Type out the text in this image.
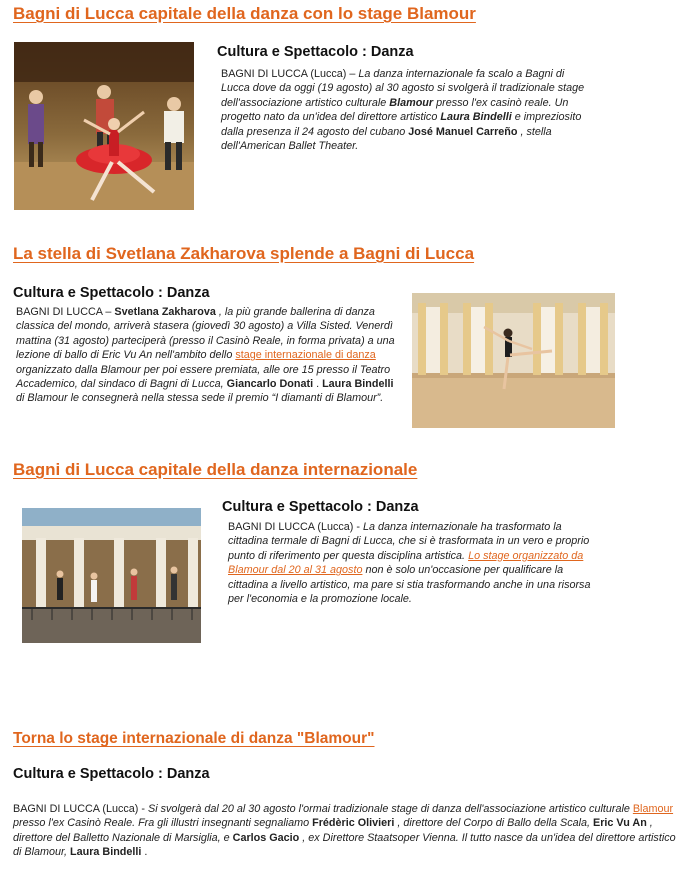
Bagni di Lucca capitale della danza con lo stage Blamour
Cultura e Spettacolo : Danza

BAGNI DI LUCCA (Lucca) – La danza internazionale fa scalo a Bagni di Lucca dove da oggi (19 agosto) al 30 agosto si svolgerà il tradizionale stage dell'associazione artistico culturale Blamour presso l'ex casinò reale. Un progetto nato da un'idea del direttore artistico Laura Bindelli e impreziosito dalla presenza il 24 agosto del cubano José Manuel Carreño , stella dell'American Ballet Theater.

La stella di Svetlana Zakharova splende a Bagni di Lucca
Cultura e Spettacolo : Danza

BAGNI DI LUCCA – Svetlana Zakharova , la più grande ballerina di danza classica del mondo, arriverà stasera (giovedì 30 agosto) a Villa Sisted. Venerdì mattina (31 agosto) parteciperà (presso il Casinò Reale, in forma privata) a una lezione di ballo di Eric Vu An nell'ambito dello stage internazionale di danza organizzato dalla Blamour per poi essere premiata, alle ore 15 presso il Teatro Accademico, dal sindaco di Bagni di Lucca, Giancarlo Donati . Laura Bindelli di Blamour le consegnerà nella stessa sede il premio “I diamanti di Blamour”.

Bagni di Lucca capitale della danza internazionale
Cultura e Spettacolo : Danza

BAGNI DI LUCCA (Lucca) - La danza internazionale ha trasformato la cittadina termale di Bagni di Lucca, che si è trasformata in un vero e proprio punto di riferimento per questa disciplina artistica. Lo stage organizzato da Blamour dal 20 al 31 agosto non è solo un'occasione per qualificare la cittadina a livello artistico, ma pare si stia trasformando anche in una risorsa per l'economia e la promozione locale.

Torna lo stage internazionale di danza "Blamour"
Cultura e Spettacolo : Danza

BAGNI DI LUCCA (Lucca) - Si svolgerà dal 20 al 30 agosto l'ormai tradizionale stage di danza dell'associazione artistico culturale Blamour presso l'ex Casinò Reale. Fra gli illustri insegnanti segnaliamo Frédèric Olivieri , direttore del Corpo di Ballo della Scala, Eric Vu An , direttore del Balletto Nazionale di Marsiglia, e Carlos Gacio , ex Direttore Staatsoper Vienna. Il tutto nasce da un'idea del direttore artistico di Blamour, Laura Bindelli .
